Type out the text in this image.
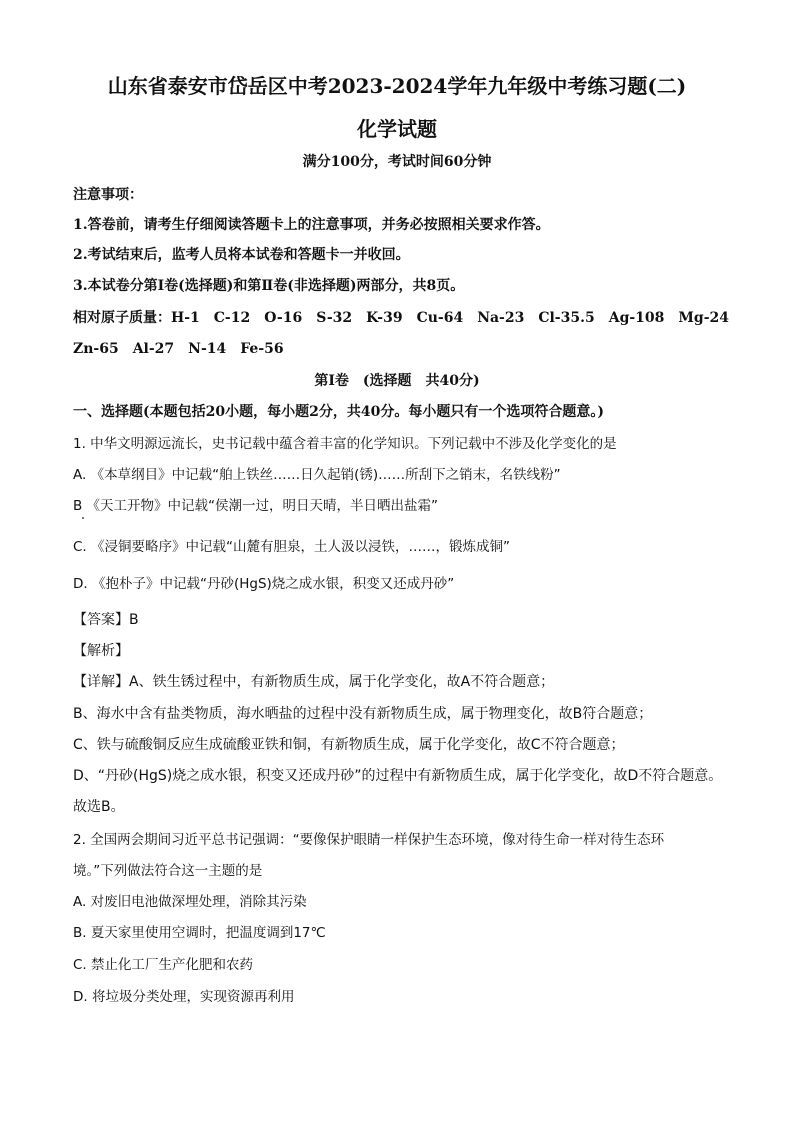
山东省泰安市岱岳区中考2023-2024学年九年级中考练习题(二)
化学试题
满分100分，考试时间60分钟
注意事项：
1.答卷前，请考生仔细阅读答题卡上的注意事项，并务必按照相关要求作答。
2.考试结束后，监考人员将本试卷和答题卡一并收回。
3.本试卷分第Ⅰ卷(选择题)和第Ⅱ卷(非选择题)两部分，共8页。
相对原子质量：H-1　C-12　O-16　S-32　K-39　Cu-64　Na-23　Cl-35.5　Ag-108　Mg-24
Zn-65　Al-27　N-14　Fe-56
第Ⅰ卷　(选择题　共40分)
一、选择题(本题包括20小题，每小题2分，共40分。每小题只有一个选项符合题意。)
1. 中华文明源远流长，史书记载中蕴含着丰富的化学知识。下列记载中不涉及化学变化的是
A. 《本草纲目》中记载“舶上铁丝……日久起销(锈)……所刮下之销末，名铁线粉”
B 《天工开物》中记载“侯潮一过，明日天晴，半日晒出盐霜”
C. 《浸铜要略序》中记载“山麓有胆泉，土人汲以浸铁，……，锻炼成铜”
D. 《抱朴子》中记载“丹砂(HgS)烧之成水银，积变又还成丹砂”
【答案】B
【解析】
【详解】A、铁生锈过程中，有新物质生成，属于化学变化，故A不符合题意；
B、海水中含有盐类物质，海水晒盐的过程中没有新物质生成，属于物理变化，故B符合题意；
C、铁与硫酸铜反应生成硫酸亚铁和铜，有新物质生成，属于化学变化，故C不符合题意；
D、“丹砂(HgS)烧之成水银，积变又还成丹砂”的过程中有新物质生成，属于化学变化，故D不符合题意。
故选B。
2. 全国两会期间习近平总书记强调：“要像保护眼睛一样保护生态环境，像对待生命一样对待生态环
境。”下列做法符合这一主题的是
A. 对废旧电池做深埋处理，消除其污染
B. 夏天家里使用空调时，把温度调到17℃
C. 禁止化工厂生产化肥和农药
D. 将垃圾分类处理，实现资源再利用
